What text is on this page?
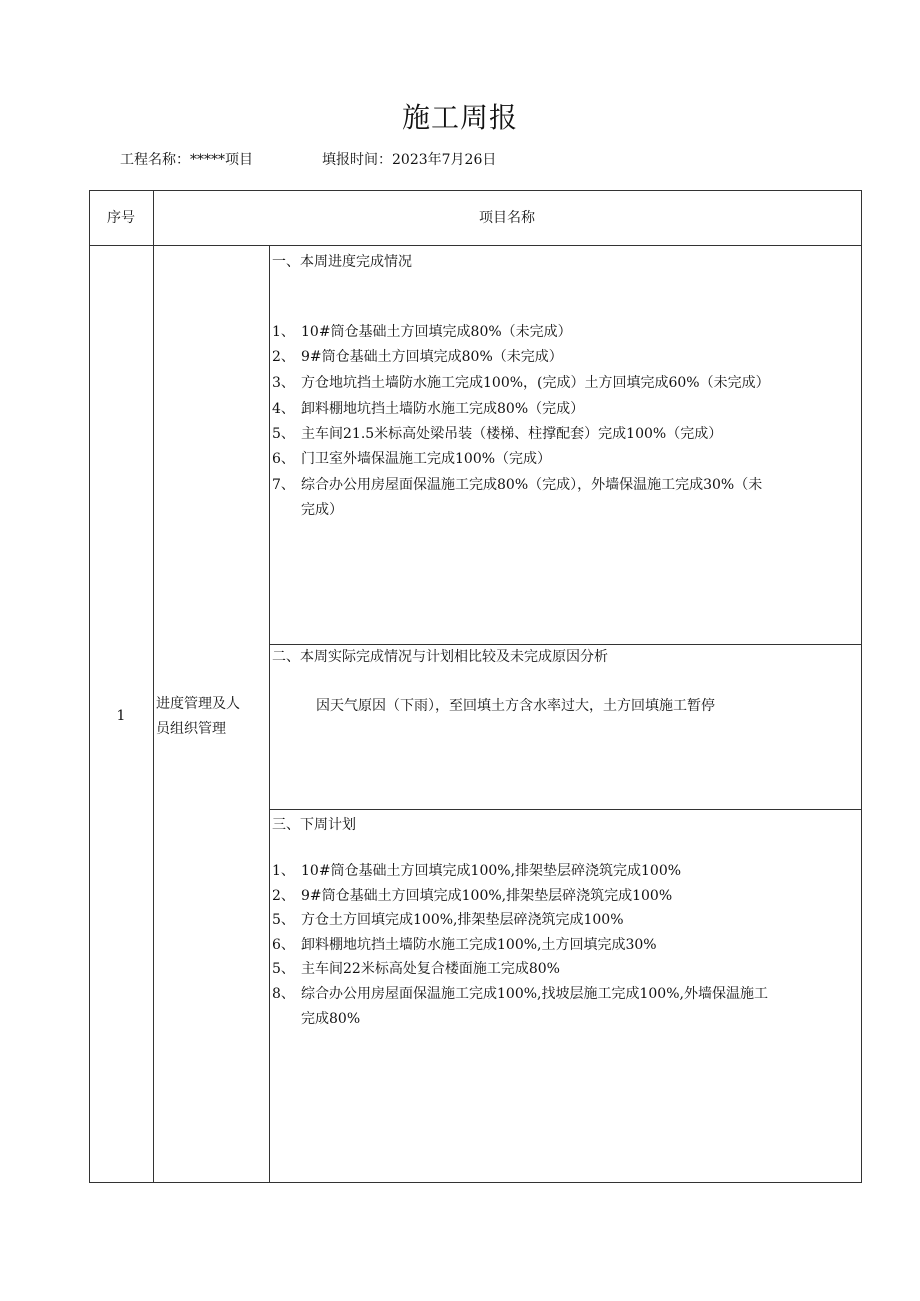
施工周报
工程名称：*****项目	填报时间：2023年7月26日
序号	项目名称
1
进度管理及人
员组织管理
一、本周进度完成情况
1、 10#筒仓基础土方回填完成80%（未完成）
2、 9#筒仓基础土方回填完成80%（未完成）
3、 方仓地坑挡土墙防水施工完成100%，(完成）土方回填完成60%（未完成）
4、 卸料棚地坑挡土墙防水施工完成80%（完成）
5、 主车间21.5米标高处梁吊装（楼梯、柱撑配套）完成100%（完成）
6、 门卫室外墙保温施工完成100%（完成）
7、 综合办公用房屋面保温施工完成80%（完成），外墙保温施工完成30%（未
完成）
二、本周实际完成情况与计划相比较及未完成原因分析
因天气原因（下雨），至回填土方含水率过大，土方回填施工暂停
三、下周计划
1、 10#筒仓基础土方回填完成100%,排架垫层碎浇筑完成100%
2、 9#筒仓基础土方回填完成100%,排架垫层碎浇筑完成100%
5、 方仓土方回填完成100%,排架垫层碎浇筑完成100%
6、 卸料棚地坑挡土墙防水施工完成100%,土方回填完成30%
5、 主车间22米标高处复合楼面施工完成80%
8、 综合办公用房屋面保温施工完成100%,找坡层施工完成100%,外墙保温施工
完成80%
